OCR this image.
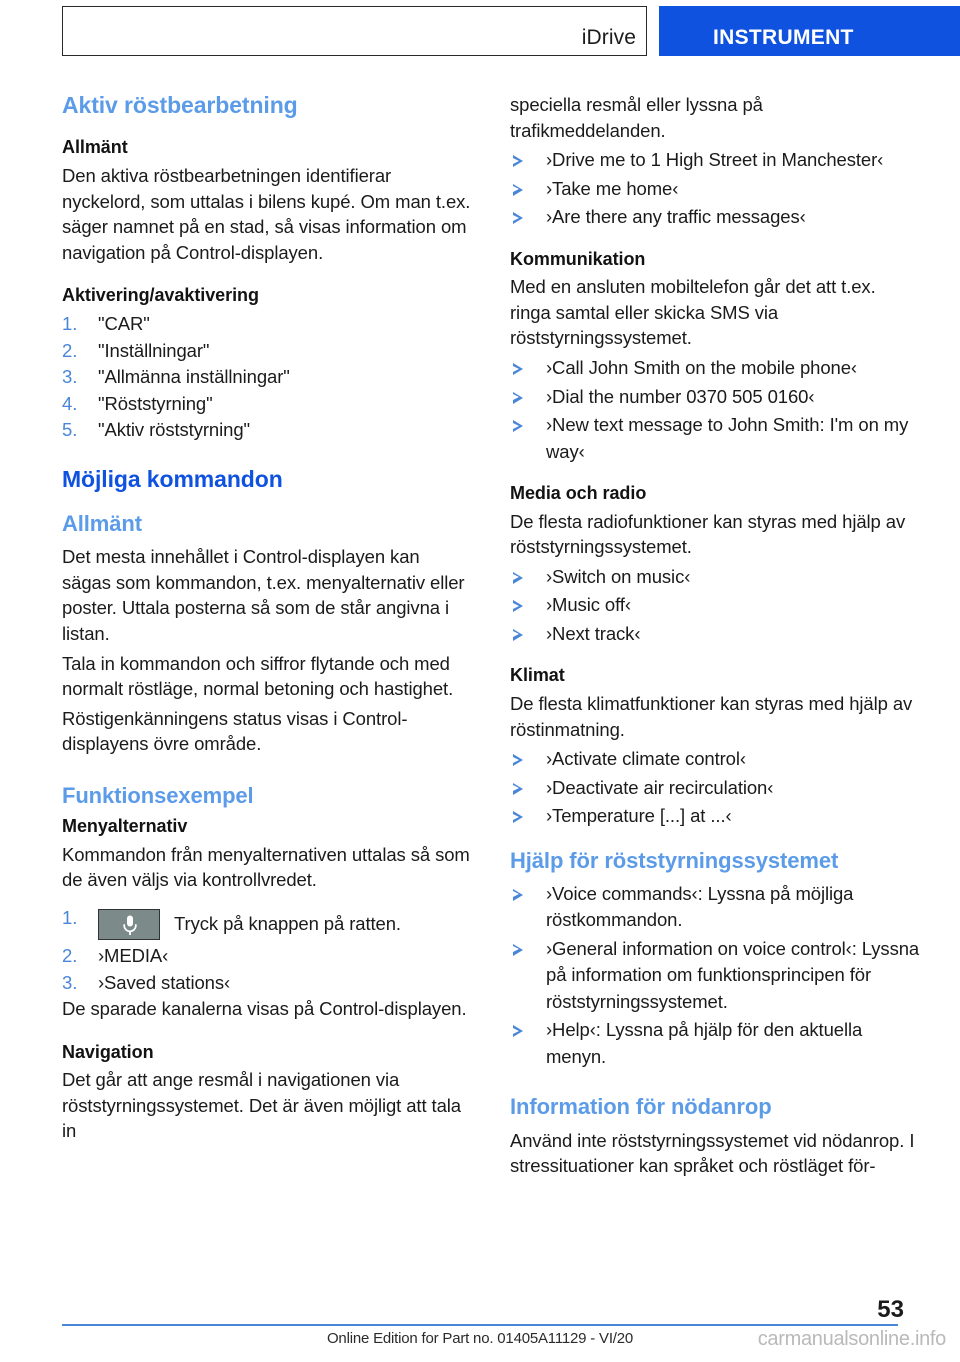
iDrive	INSTRUMENT
Aktiv röstbearbetning
Allmänt

Den aktiva röstbearbetningen identifierar nyckelord, som uttalas i bilens kupé. Om man t.ex. säger namnet på en stad, så visas information om navigation på Control-displayen.

Aktivering/avaktivering
1.	"CAR"
2.	"Inställningar"
3.	"Allmänna inställningar"
4.	"Röststyrning"
5.	"Aktiv röststyrning"
Möjliga kommandon
Allmänt

Det mesta innehållet i Control-displayen kan sägas som kommandon, t.ex. menyalternativ eller poster. Uttala posterna så som de står angivna i listan.

Tala in kommandon och siffror flytande och med normalt röstläge, normal betoning och hastighet.

Röstigenkänningens status visas i Control-displayens övre område.

Funktionsexempel
Menyalternativ

Kommandon från menyalternativen uttalas så som de även väljs via kontrollvredet.

1.	Tryck på knappen på ratten.
2.	›MEDIA‹
3.	›Saved stations‹

De sparade kanalerna visas på Control-displayen.

Navigation

Det går att ange resmål i navigationen via röststyrningssystemet. Det är även möjligt att tala in

speciella resmål eller lyssna på trafikmeddelanden.

›Drive me to 1 High Street in Manchester‹
›Take me home‹
›Are there any traffic messages‹
Kommunikation

Med en ansluten mobiltelefon går det att t.ex. ringa samtal eller skicka SMS via röststyrningssystemet.

›Call John Smith on the mobile phone‹
›Dial the number 0370 505 0160‹
›New text message to John Smith: I'm on my way‹
Media och radio

De flesta radiofunktioner kan styras med hjälp av röststyrningssystemet.

›Switch on music‹
›Music off‹
›Next track‹
Klimat

De flesta klimatfunktioner kan styras med hjälp av röstinmatning.

›Activate climate control‹
›Deactivate air recirculation‹
›Temperature [...] at ...‹
Hjälp för röststyrningssystemet
›Voice commands‹: Lyssna på möjliga röstkommandon.
›General information on voice control‹: Lyssna på information om funktionsprincipen för röststyrningssystemet.
›Help‹: Lyssna på hjälp för den aktuella menyn.
Information för nödanrop

Använd inte röststyrningssystemet vid nödanrop. I stressituationer kan språket och röstläget för-

53
Online Edition for Part no. 01405A11129 - VI/20	carmanualsonline.info
